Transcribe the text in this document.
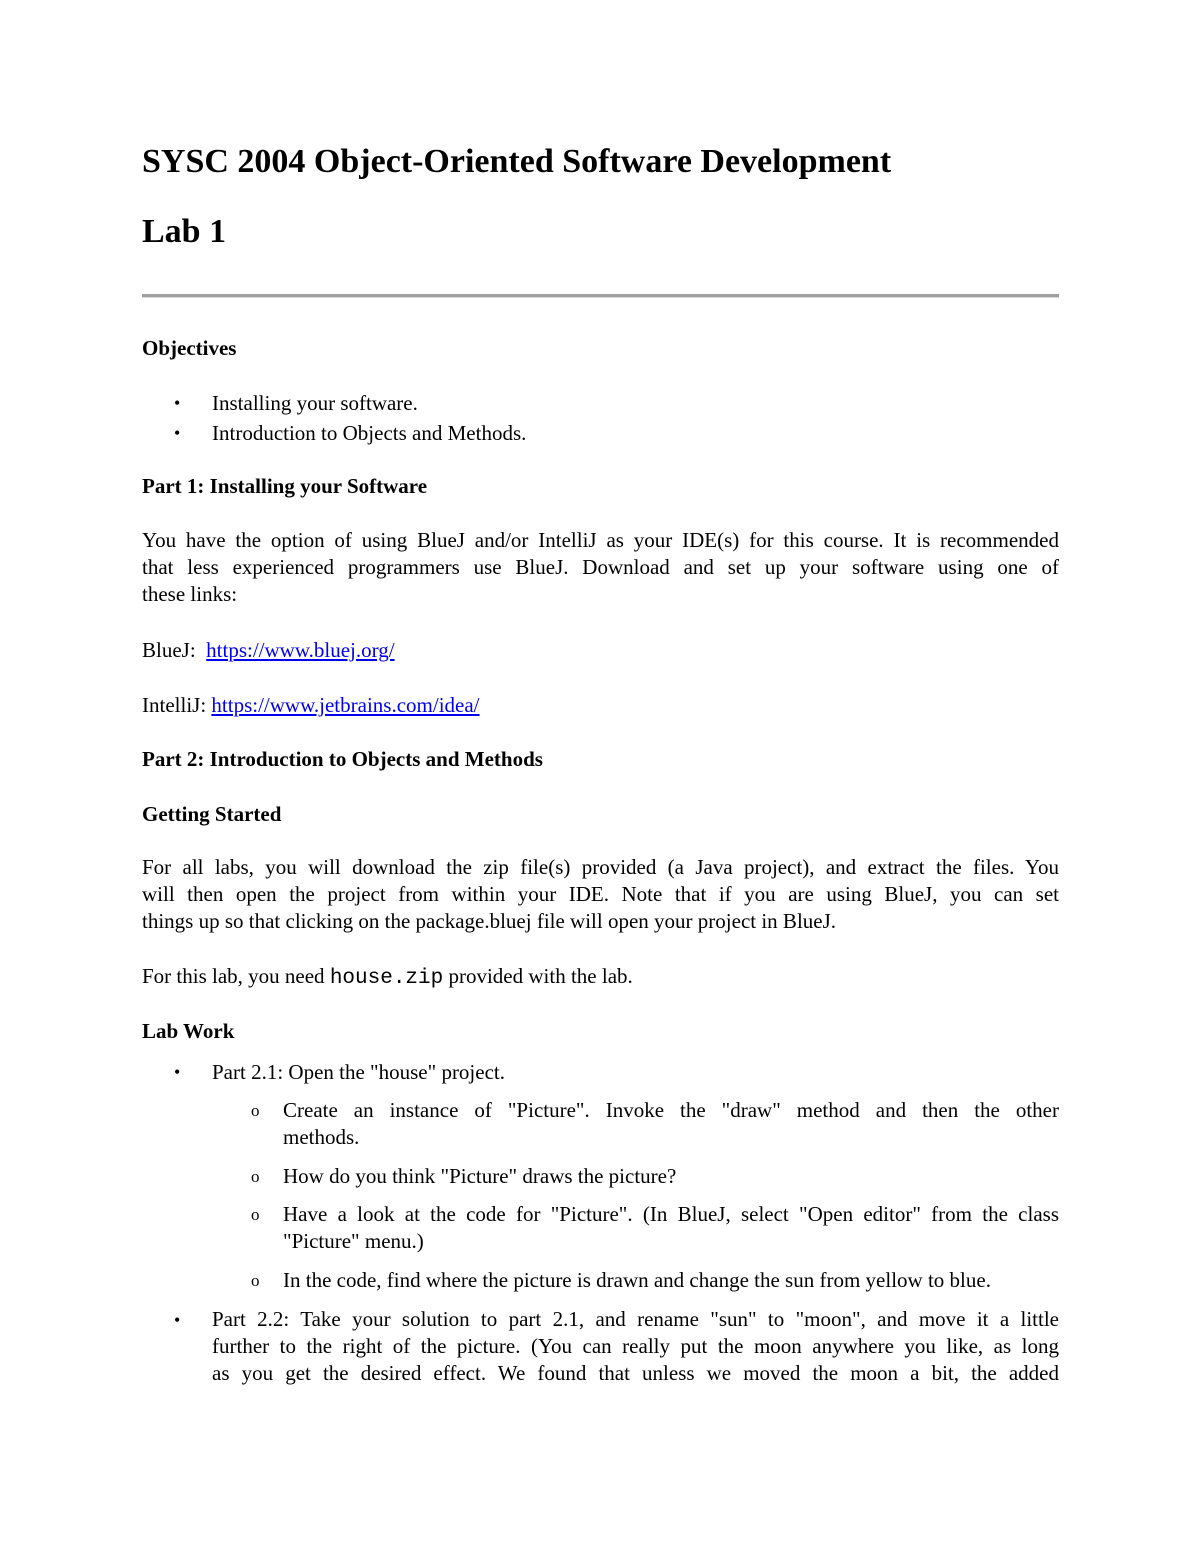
SYSC 2004 Object-Oriented Software Development
Lab 1
Objectives
• Installing your software.

• Introduction to Objects and Methods.

Part 1: Installing your Software
You have the option of using BlueJ and/or IntelliJ as your IDE(s) for this course. It is recommended
that less experienced programmers use BlueJ. Download and set up your software using one of
these links:

BlueJ: https://www.bluej.org/

IntelliJ: https://www.jetbrains.com/idea/

Part 2: Introduction to Objects and Methods
Getting Started
For all labs, you will download the zip file(s) provided (a Java project), and extract the files. You
will then open the project from within your IDE. Note that if you are using BlueJ, you can set
things up so that clicking on the package.bluej file will open your project in BlueJ.

For this lab, you need house.zip provided with the lab.

Lab Work
• Part 2.1: Open the "house" project.

o Create an instance of "Picture". Invoke the "draw" method and then the other
methods.
o How do you think "Picture" draws the picture?

o Have a look at the code for "Picture". (In BlueJ, select "Open editor" from the class
"Picture" menu.)
o In the code, find where the picture is drawn and change the sun from yellow to blue.

• Part 2.2: Take your solution to part 2.1, and rename "sun" to "moon", and move it a little
further to the right of the picture. (You can really put the moon anywhere you like, as long
as you get the desired effect. We found that unless we moved the moon a bit, the added
